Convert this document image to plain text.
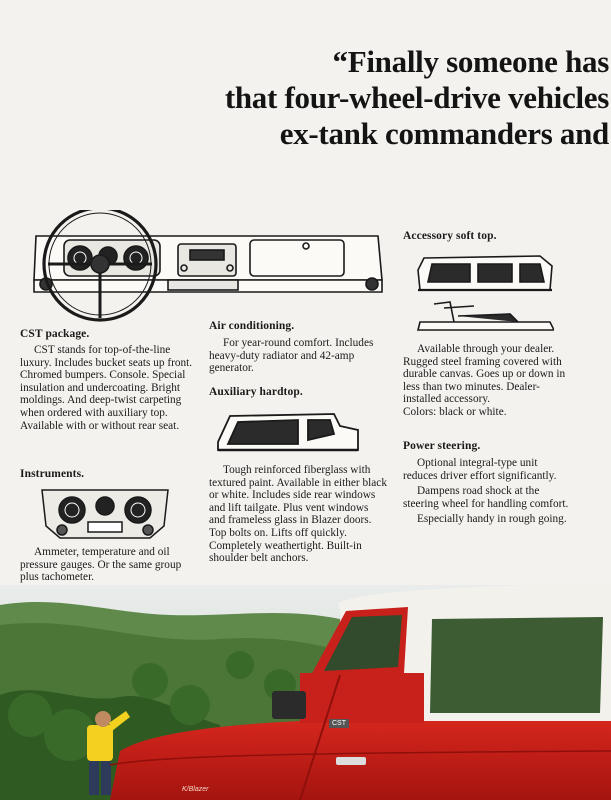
“Finally someone has
that four-wheel-drive vehicles
ex-tank commanders and
CST package.

CST stands for top-of-the-line luxury. Includes bucket seats up front. Chromed bumpers. Console. Special insulation and undercoating. Bright moldings. And deep-twist carpeting when ordered with auxiliary top. Available with or without rear seat.

Instruments.

Ammeter, temperature and oil pressure gauges. Or the same group plus tachometer.

Air conditioning.

For year-round comfort. Includes heavy-duty radiator and 42-amp generator.

Auxiliary hardtop.

Tough reinforced fiberglass with textured paint. Available in either black or white. Includes side rear windows and lift tailgate. Plus vent windows and frameless glass in Blazer doors. Top bolts on. Lifts off quickly. Completely weathertight. Built-in shoulder belt anchors.

Accessory soft top.

Available through your dealer. Rugged steel framing covered with durable canvas. Goes up or down in less than two minutes. Dealer-installed accessory.

Colors: black or white.

Power steering.

Optional integral-type unit reduces driver effort significantly.

Dampens road shock at the steering wheel for handling comfort.

Especially handy in rough going.

CST
K/Blazer
